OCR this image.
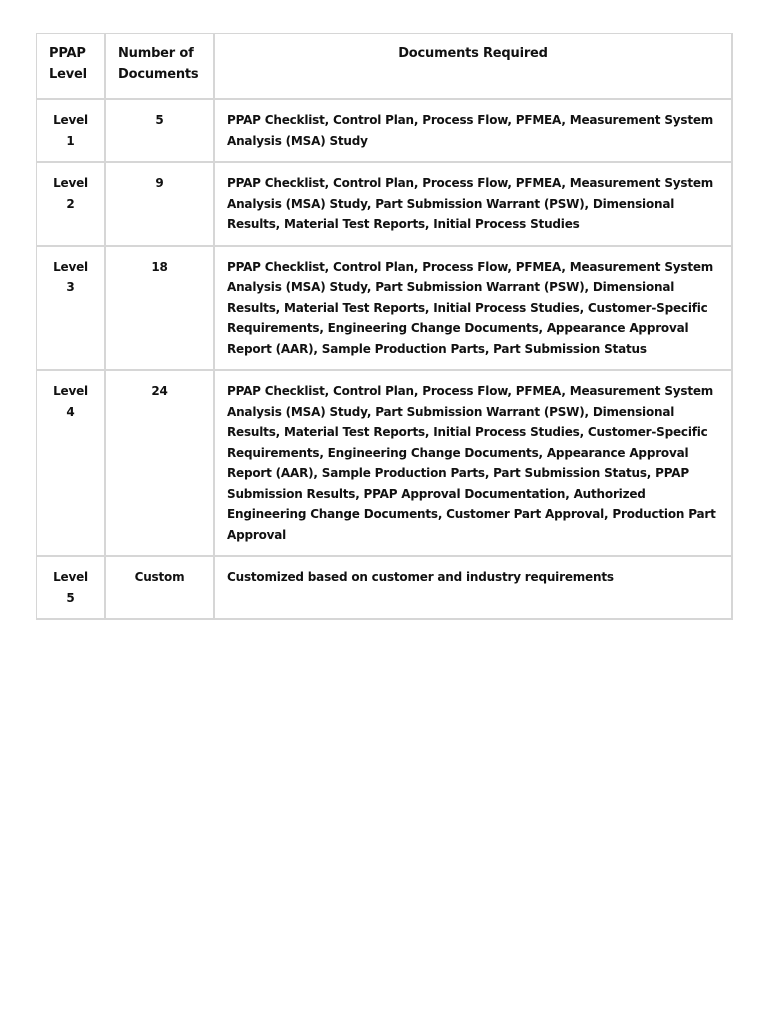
PPAP Level	Number of Documents	Documents Required
Level 1	5	PPAP Checklist, Control Plan, Process Flow, PFMEA, Measurement System Analysis (MSA) Study
Level 2	9	PPAP Checklist, Control Plan, Process Flow, PFMEA, Measurement System Analysis (MSA) Study, Part Submission Warrant (PSW), Dimensional Results, Material Test Reports, Initial Process Studies
Level 3	18	PPAP Checklist, Control Plan, Process Flow, PFMEA, Measurement System Analysis (MSA) Study, Part Submission Warrant (PSW), Dimensional Results, Material Test Reports, Initial Process Studies, Customer-Specific Requirements, Engineering Change Documents, Appearance Approval Report (AAR), Sample Production Parts, Part Submission Status
Level 4	24	PPAP Checklist, Control Plan, Process Flow, PFMEA, Measurement System Analysis (MSA) Study, Part Submission Warrant (PSW), Dimensional Results, Material Test Reports, Initial Process Studies, Customer-Specific Requirements, Engineering Change Documents, Appearance Approval Report (AAR), Sample Production Parts, Part Submission Status, PPAP Submission Results, PPAP Approval Documentation, Authorized Engineering Change Documents, Customer Part Approval, Production Part Approval
Level 5	Custom	Customized based on customer and industry requirements
